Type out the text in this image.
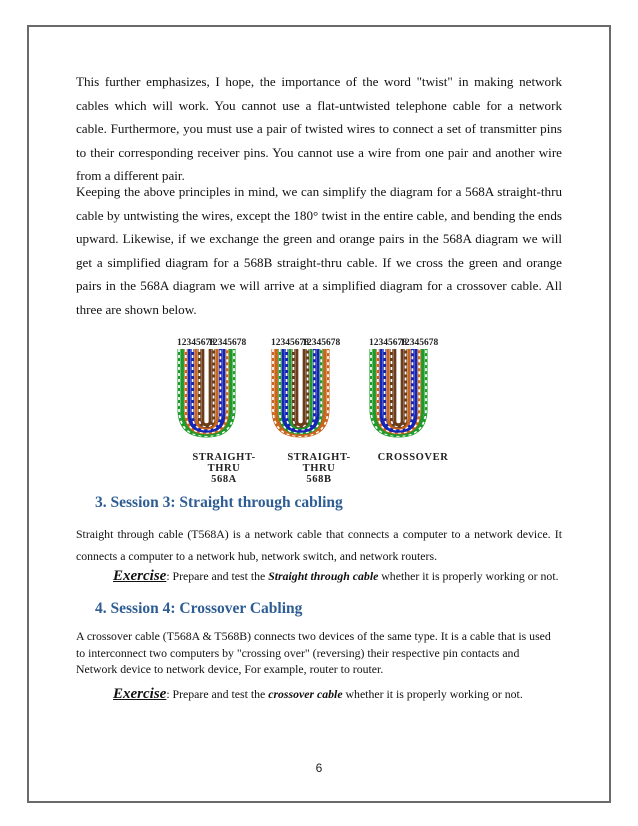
This further emphasizes, I hope, the importance of the word "twist" in making network cables which will work. You cannot use a flat-untwisted telephone cable for a network cable. Furthermore, you must use a pair of twisted wires to connect a set of transmitter pins to their corresponding receiver pins. You cannot use a wire from one pair and another wire from a different pair.
Keeping the above principles in mind, we can simplify the diagram for a 568A straight-thru cable by untwisting the wires, except the 180° twist in the entire cable, and bending the ends upward. Likewise, if we exchange the green and orange pairs in the 568A diagram we will get a simplified diagram for a 568B straight-thru cable. If we cross the green and orange pairs in the 568A diagram we will arrive at a simplified diagram for a crossover cable. All three are shown below.
12345678
12345678	12345678
12345678	12345678
12345678
STRAIGHT-THRU
568A
STRAIGHT-THRU
568B
CROSSOVER
3. Session 3: Straight through cabling
Straight through cable (T568A) is a network cable that connects a computer to a network device. It connects a computer to a network hub, network switch, and network routers.
Exercise: Prepare and test the Straight through cable whether it is properly working or not.
4. Session 4: Crossover Cabling
A crossover cable (T568A & T568B) connects two devices of the same type. It is a cable that is used to interconnect two computers by "crossing over" (reversing) their respective pin contacts and Network device to network device, For example, router to router.
Exercise: Prepare and test the crossover cable whether it is properly working or not.
6
